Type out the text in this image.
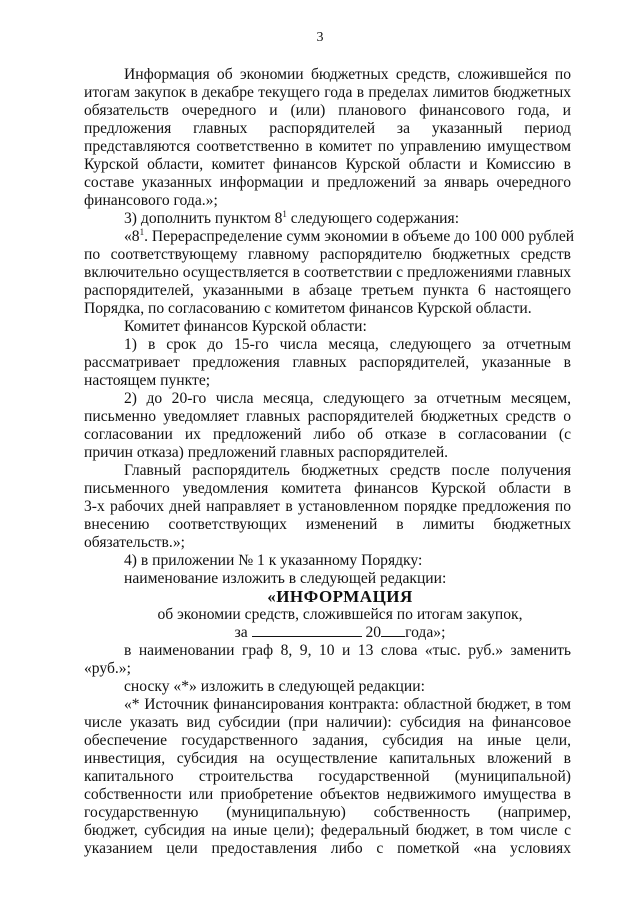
3
Информация об экономии бюджетных средств, сложившейся по
итогам закупок в декабре текущего года в пределах лимитов бюджетных
обязательств очередного и (или) планового финансового года, и
предложения главных распорядителей за указанный период
представляются соответственно в комитет по управлению имуществом
Курской области, комитет финансов Курской области и Комиссию в
составе указанных информации и предложений за январь очередного
финансового года.»;
3) дополнить пунктом $8^1$ следующего содержания:
«$8^1$. Перераспределение сумм экономии в объеме до 100 000 рублей
по соответствующему главному распорядителю бюджетных средств
включительно осуществляется в соответствии с предложениями главных
распорядителей, указанными в абзаце третьем пункта 6 настоящего
Порядка, по согласованию с комитетом финансов Курской области.
Комитет финансов Курской области:
1) в срок до 15-го числа месяца, следующего за отчетным
рассматривает предложения главных распорядителей, указанные в
настоящем пункте;
2) до 20-го числа месяца, следующего за отчетным месяцем,
письменно уведомляет главных распорядителей бюджетных средств о
согласовании их предложений либо об отказе в согласовании (с
причин отказа) предложений главных распорядителей.
Главный распорядитель бюджетных средств после получения
письменного уведомления комитета финансов Курской области в
3-х рабочих дней направляет в установленном порядке предложения по
внесению соответствующих изменений в лимиты бюджетных
обязательств.»;
4) в приложении № 1 к указанному Порядку:
наименование изложить в следующей редакции:
«ИНФОРМАЦИЯ
об экономии средств, сложившейся по итогам закупок,
за	20 года»;
в наименовании граф 8, 9, 10 и 13 слова «тыс. руб.» заменить
«руб.»;
сноску «*» изложить в следующей редакции:
«* Источник финансирования контракта: областной бюджет, в том
числе указать вид субсидии (при наличии): субсидия на финансовое
обеспечение государственного задания, субсидия на иные цели,
инвестиция, субсидия на осуществление капитальных вложений в
капитального строительства государственной (муниципальной)
собственности или приобретение объектов недвижимого имущества в
государственную (муниципальную) собственность (например,
бюджет, субсидия на иные цели); федеральный бюджет, в том числе с
указанием цели предоставления либо с пометкой «на условиях
